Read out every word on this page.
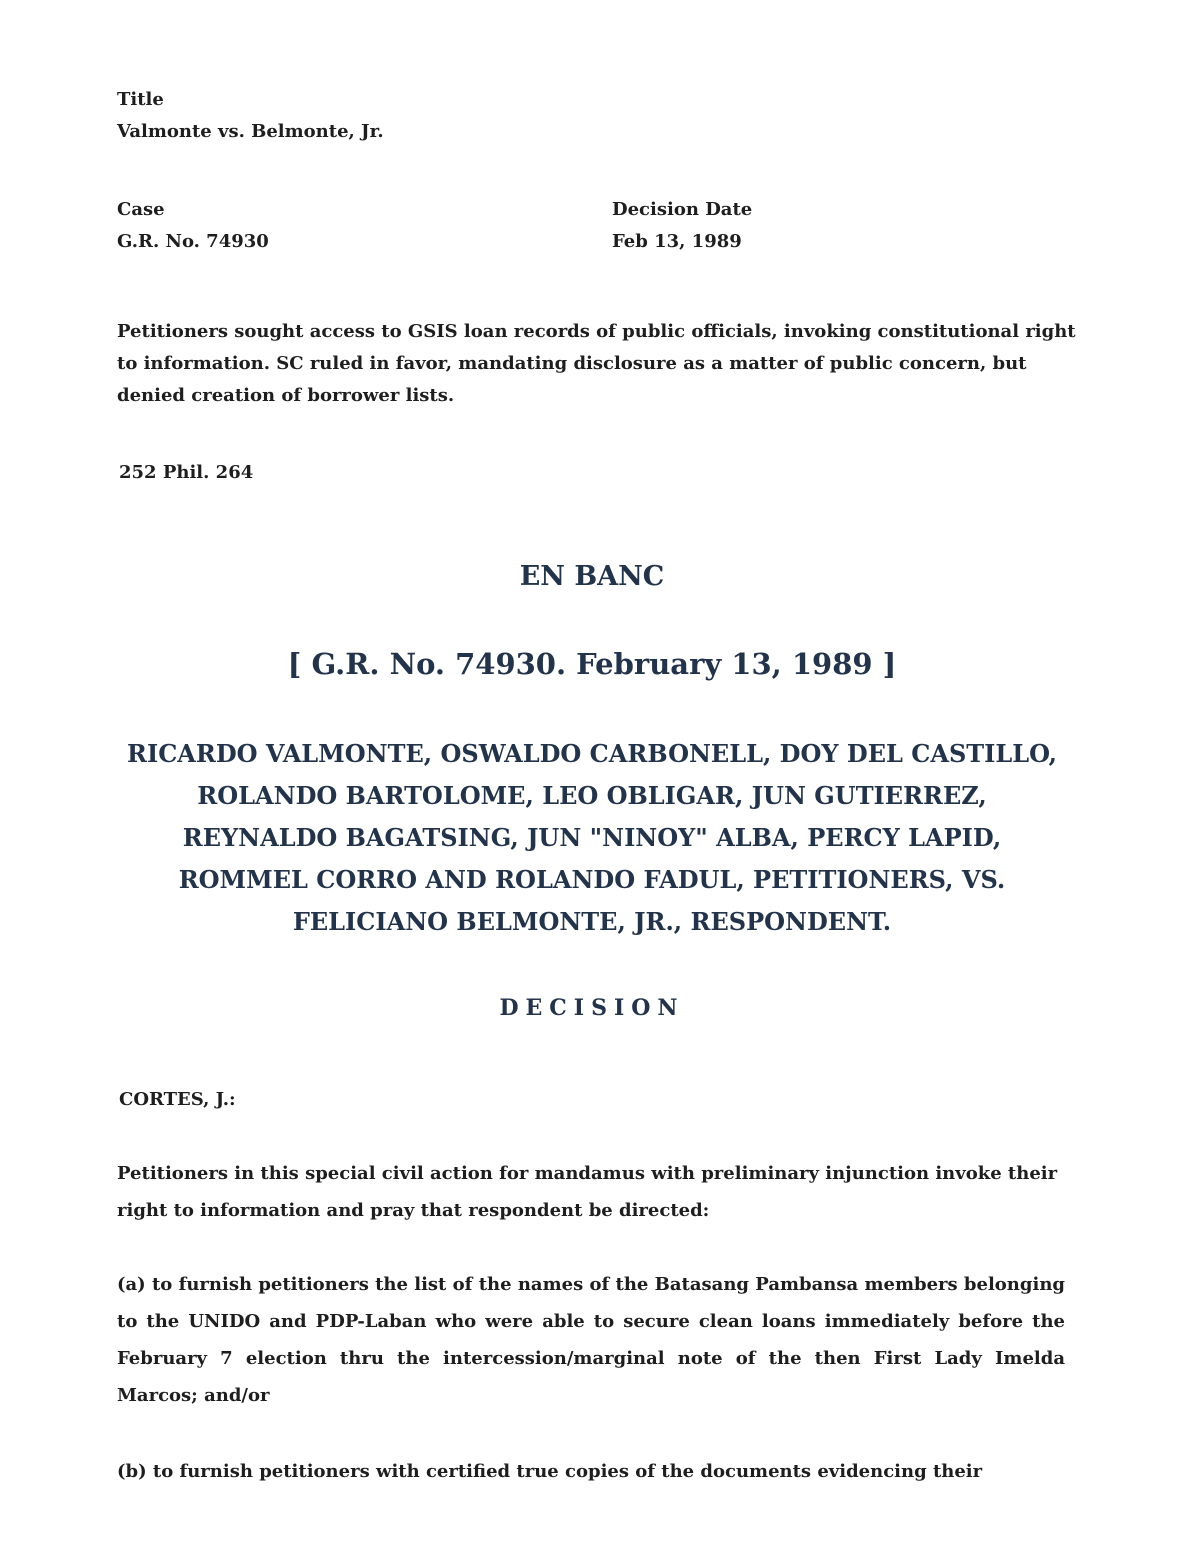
Title
Valmonte vs. Belmonte, Jr.
Case
G.R. No. 74930
Decision Date
Feb 13, 1989
Petitioners sought access to GSIS loan records of public officials, invoking constitutional right to information. SC ruled in favor, mandating disclosure as a matter of public concern, but denied creation of borrower lists.
252 Phil. 264
EN BANC
[ G.R. No. 74930. February 13, 1989 ]
RICARDO VALMONTE, OSWALDO CARBONELL, DOY DEL CASTILLO, ROLANDO BARTOLOME, LEO OBLIGAR, JUN GUTIERREZ, REYNALDO BAGATSING, JUN "NINOY" ALBA, PERCY LAPID, ROMMEL CORRO AND ROLANDO FADUL, PETITIONERS, VS. FELICIANO BELMONTE, JR., RESPONDENT.
DECISION
CORTES, J.:
Petitioners in this special civil action for mandamus with preliminary injunction invoke their right to information and pray that respondent be directed:
(a) to furnish petitioners the list of the names of the Batasang Pambansa members belonging to the UNIDO and PDP-Laban who were able to secure clean loans immediately before the February 7 election thru the intercession/marginal note of the then First Lady Imelda Marcos; and/or
(b) to furnish petitioners with certified true copies of the documents evidencing their
